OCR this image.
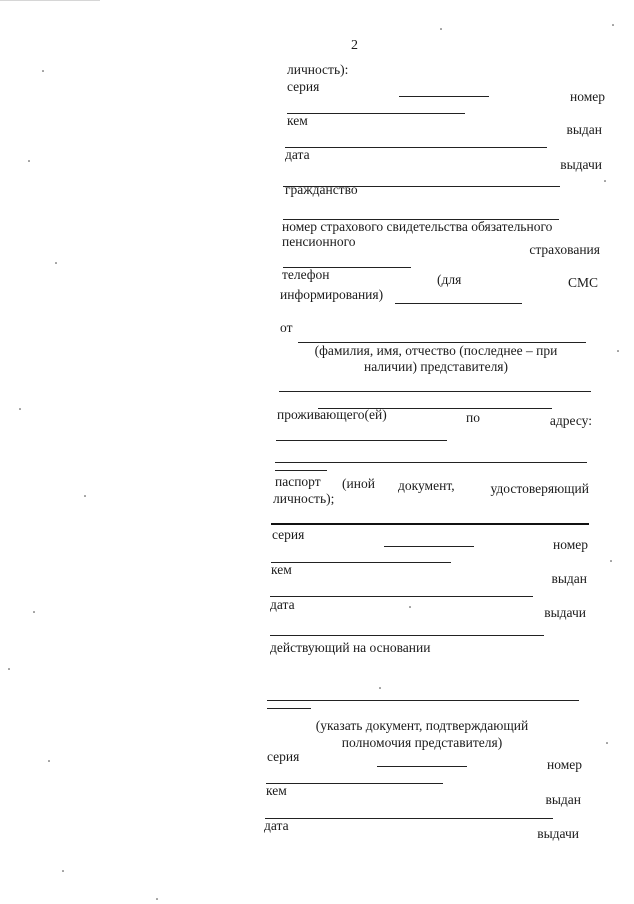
2
личность):
серия
номер
кем
выдан
дата
выдачи
гражданство
номер страхового свидетельства обязательного
пенсионного
страхования
телефон	(для	СМС
информирования)
от
(фамилия, имя, отчество (последнее – при
наличии) представителя)
проживающего(ей)	по	адресу:
паспорт (иной документ,	удостоверяющий
личность);
серия
номер
кем
выдан
дата
выдачи
действующий на основании
(указать документ, подтверждающий
полномочия представителя)
серия
номер
кем
выдан
дата
выдачи
